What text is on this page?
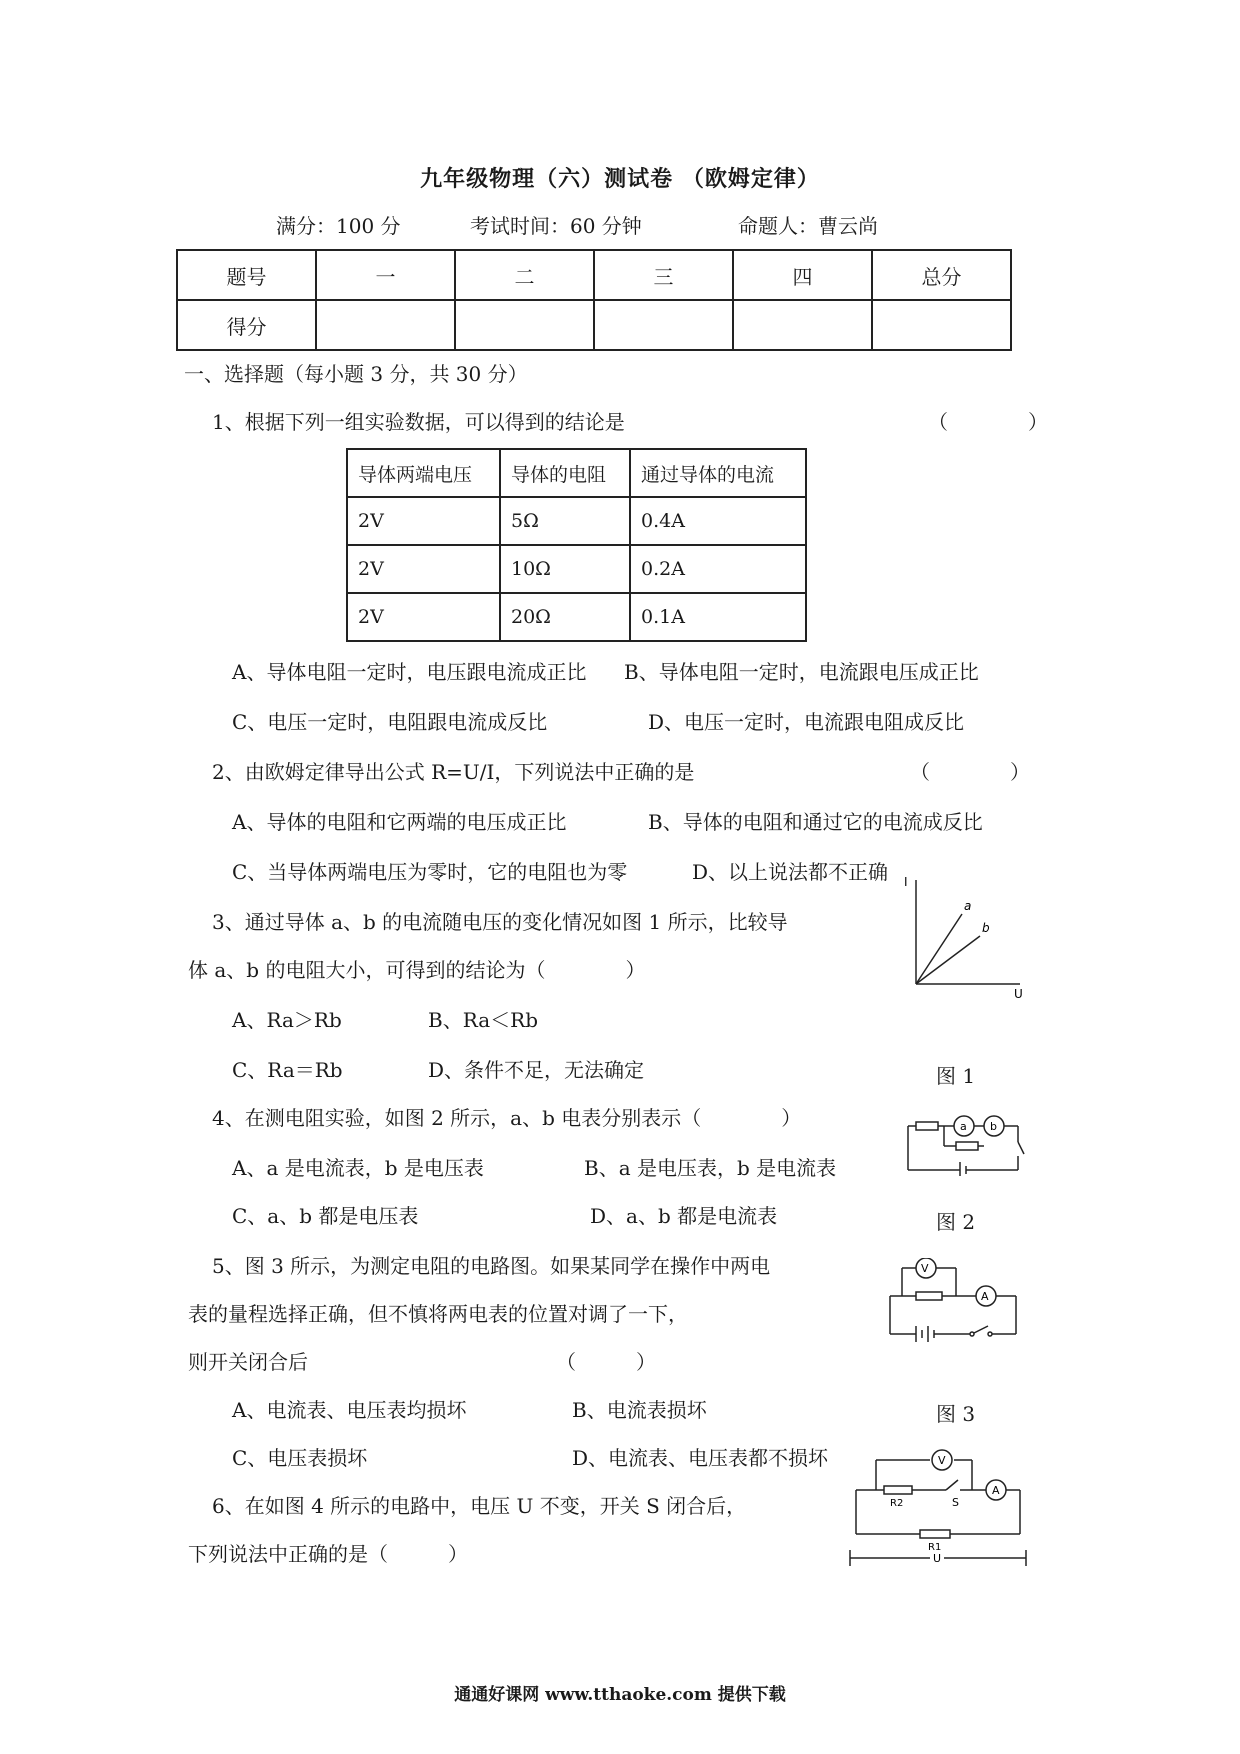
九年级物理（六）测试卷 （欧姆定律）
满分：100 分	考试时间：60 分钟	命题人：曹云尚
题号	一	二	三	四	总分
得分					
一、选择题（每小题 3 分，共 30 分）
1、根据下列一组实验数据，可以得到的结论是	（　　　　）
导体两端电压	导体的电阻	通过导体的电流
2V	5Ω	0.4A
2V	10Ω	0.2A
2V	20Ω	0.1A
A、导体电阻一定时，电压跟电流成正比 B、导体电阻一定时，电流跟电压成正比
C、电压一定时，电阻跟电流成反比	D、电压一定时，电流跟电阻成反比
2、由欧姆定律导出公式 R=U/I，下列说法中正确的是	（　　　　）
A、导体的电阻和它两端的电压成正比	B、导体的电阻和通过它的电流成反比
C、当导体两端电压为零时，它的电阻也为零	D、以上说法都不正确
3、通过导体 a、b 的电流随电压的变化情况如图 1 所示，比较导
体 a、b 的电阻大小，可得到的结论为（　　　　）
A、Ra＞Rb	B、Ra＜Rb
C、Ra＝Rb	D、条件不足，无法确定
I
U
a
b
图 1
4、在测电阻实验，如图 2 所示，a、b 电表分别表示（　　　　）
A、a 是电流表，b 是电压表	B、a 是电压表，b 是电流表
C、a、b 都是电压表	D、a、b 都是电流表
a b
图 2
5、图 3 所示，为测定电阻的电路图。如果某同学在操作中两电
表的量程选择正确，但不慎将两电表的位置对调了一下，
则开关闭合后	（　　　）
A、电流表、电压表均损坏	B、电流表损坏
C、电压表损坏	D、电流表、电压表都不损坏
V
A
图 3
6、在如图 4 所示的电路中，电压 U 不变，开关 S 闭合后，
下列说法中正确的是（　　　）
V
A
R2	S
R1
U
通通好课网 www.tthaoke.com 提供下载
